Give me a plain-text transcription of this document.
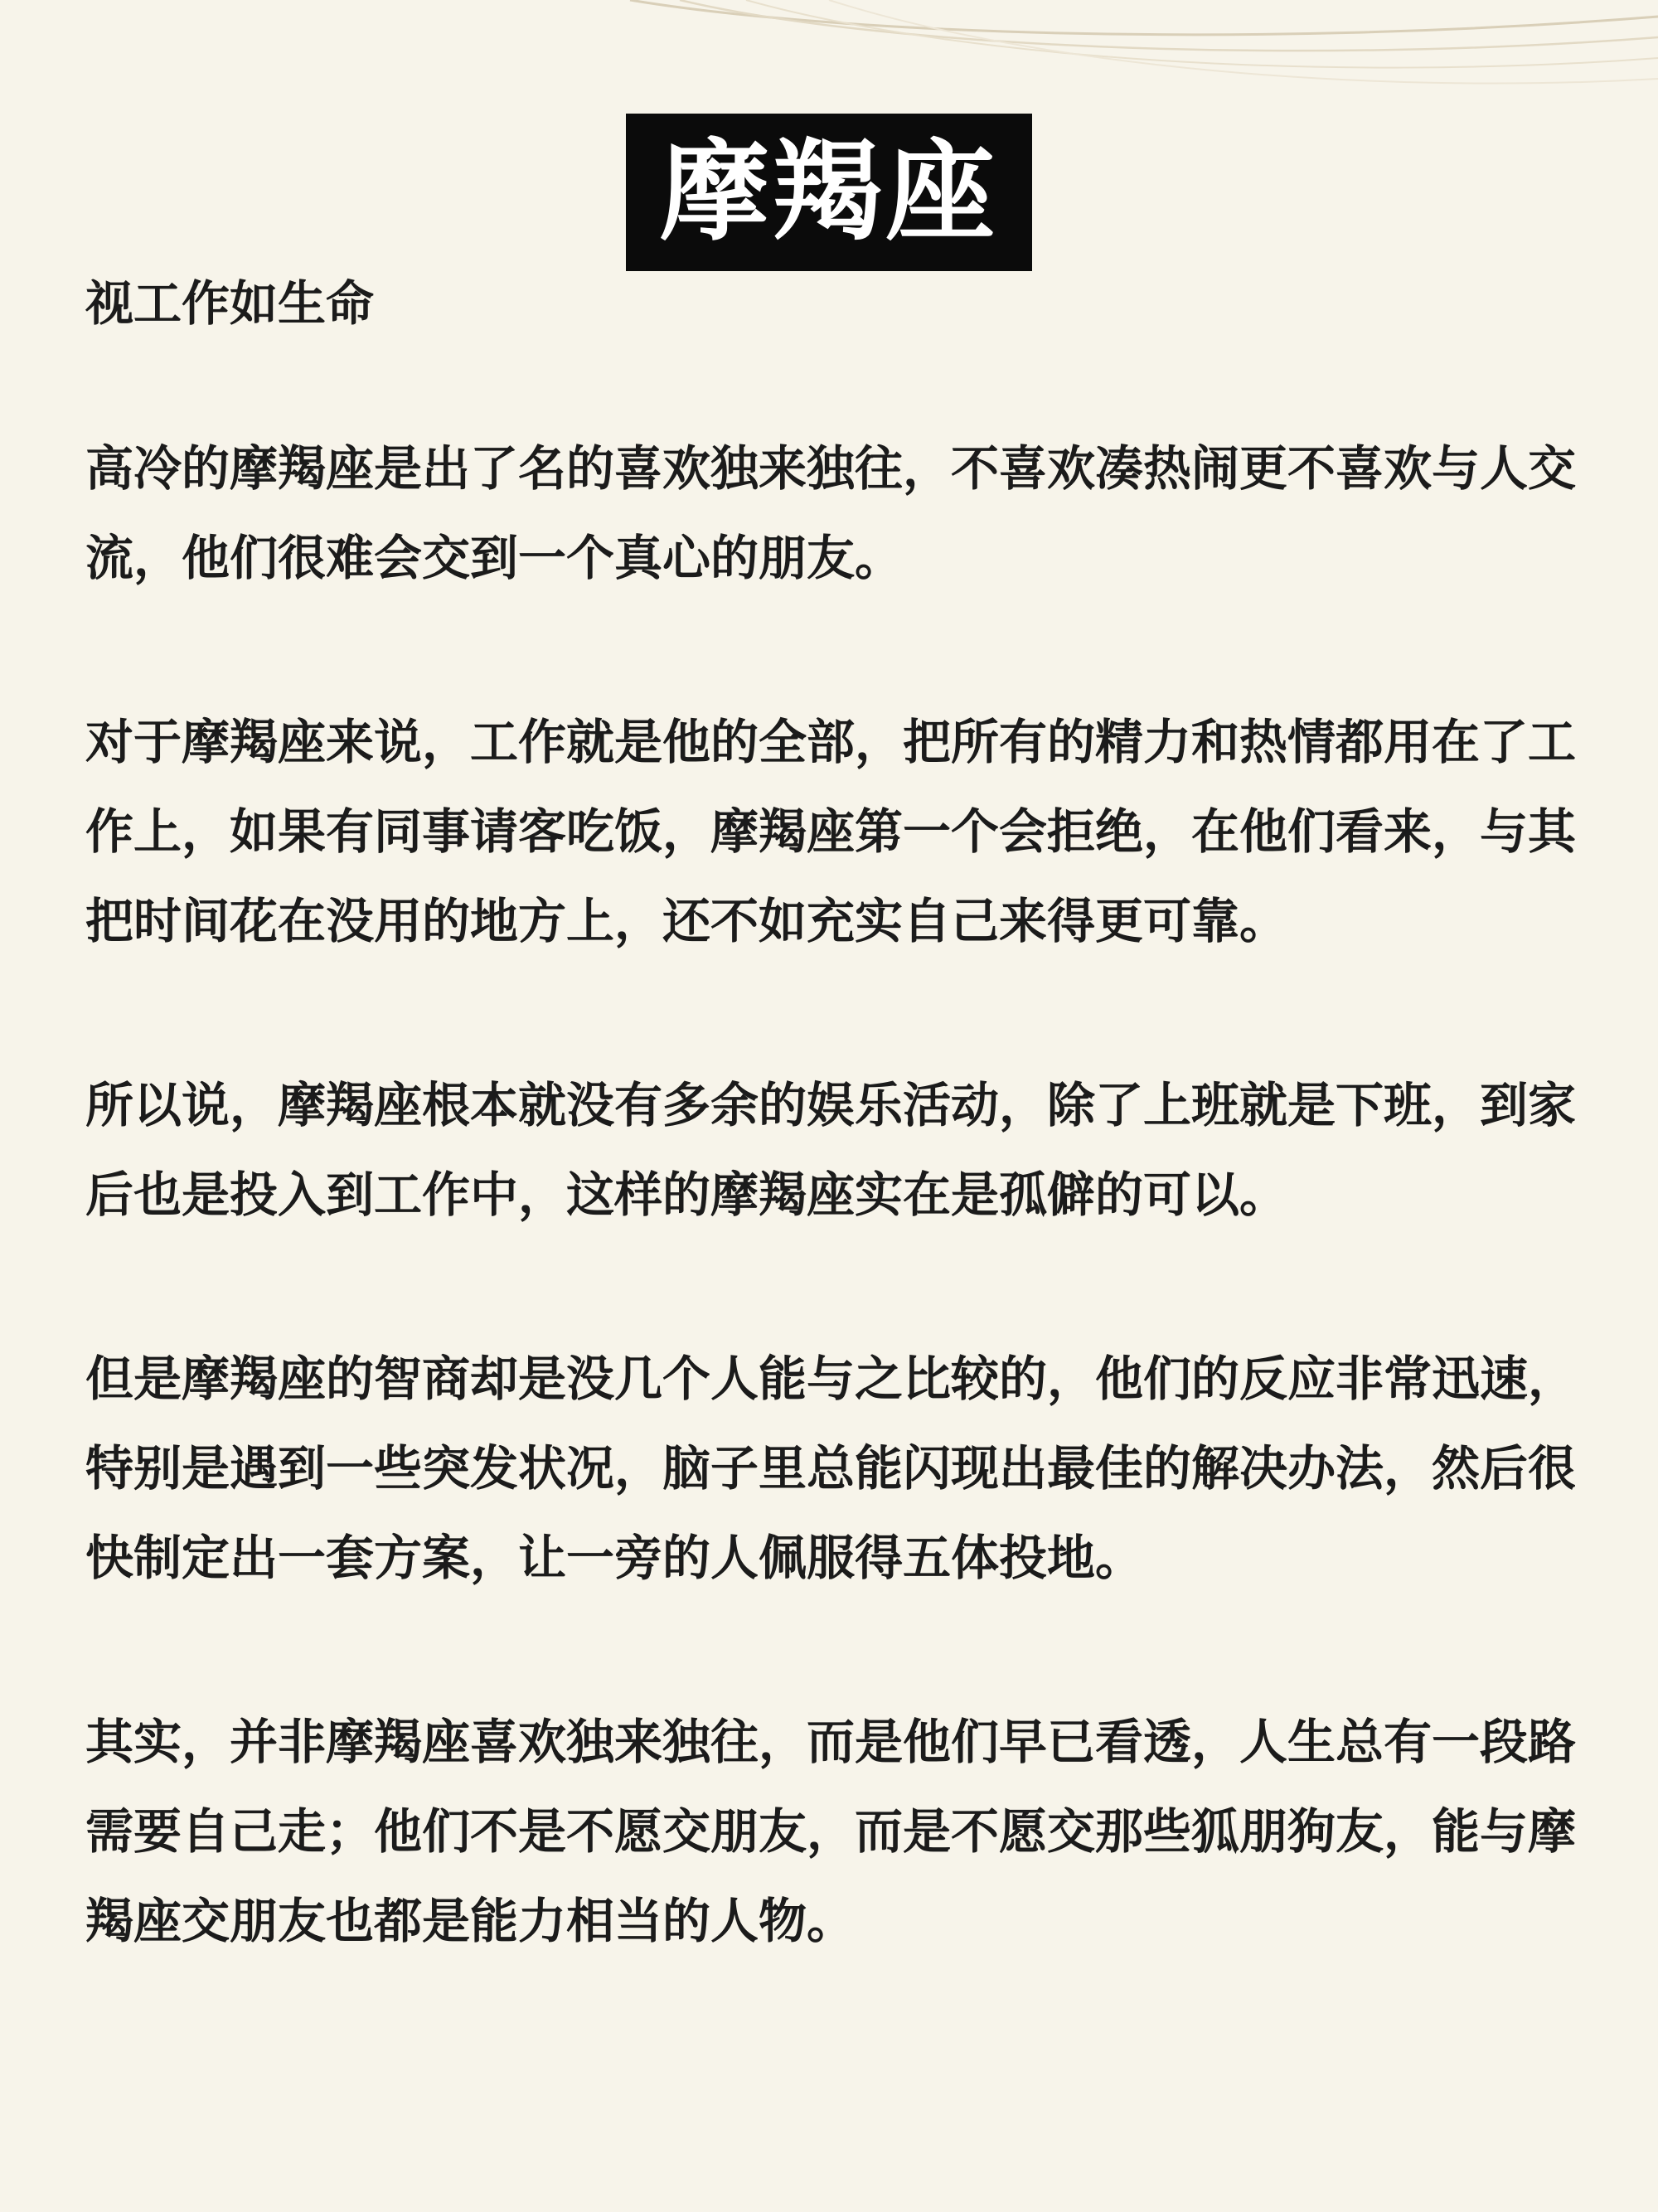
摩羯座
视工作如生命

高冷的摩羯座是出了名的喜欢独来独往，不喜欢凑热闹更不喜欢与人交流，他们很难会交到一个真心的朋友。

对于摩羯座来说，工作就是他的全部，把所有的精力和热情都用在了工作上，如果有同事请客吃饭，摩羯座第一个会拒绝，在他们看来，与其把时间花在没用的地方上，还不如充实自己来得更可靠。

所以说，摩羯座根本就没有多余的娱乐活动，除了上班就是下班，到家后也是投入到工作中，这样的摩羯座实在是孤僻的可以。

但是摩羯座的智商却是没几个人能与之比较的，他们的反应非常迅速，特别是遇到一些突发状况，脑子里总能闪现出最佳的解决办法，然后很快制定出一套方案，让一旁的人佩服得五体投地。

其实，并非摩羯座喜欢独来独往，而是他们早已看透，人生总有一段路需要自己走；他们不是不愿交朋友，而是不愿交那些狐朋狗友，能与摩羯座交朋友也都是能力相当的人物。
